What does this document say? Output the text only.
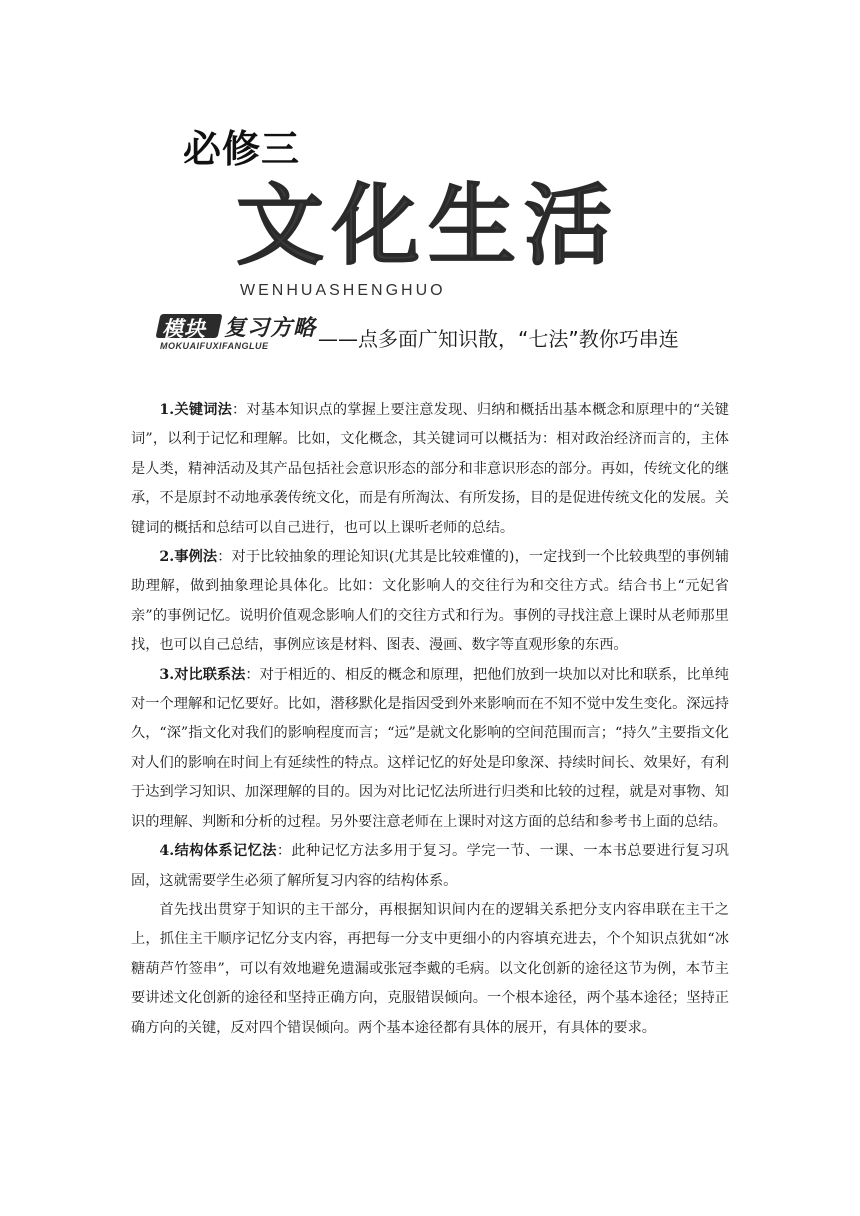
必修三
文化生活
WENHUASHENGHUO
模块 复习方略
MOKUAIFUXIFANGLUE ——点多面广知识散，“七法”教你巧串连

1.关键词法：对基本知识点的掌握上要注意发现、归纳和概括出基本概念和原理中的“关键词”，以利于记忆和理解。比如，文化概念，其关键词可以概括为：相对政治经济而言的，主体是人类，精神活动及其产品包括社会意识形态的部分和非意识形态的部分。再如，传统文化的继承，不是原封不动地承袭传统文化，而是有所淘汰、有所发扬，目的是促进传统文化的发展。关键词的概括和总结可以自己进行，也可以上课听老师的总结。

2.事例法：对于比较抽象的理论知识(尤其是比较难懂的)，一定找到一个比较典型的事例辅助理解，做到抽象理论具体化。比如：文化影响人的交往行为和交往方式。结合书上“元妃省亲”的事例记忆。说明价值观念影响人们的交往方式和行为。事例的寻找注意上课时从老师那里找，也可以自己总结，事例应该是材料、图表、漫画、数字等直观形象的东西。

3.对比联系法：对于相近的、相反的概念和原理，把他们放到一块加以对比和联系，比单纯对一个理解和记忆要好。比如，潜移默化是指因受到外来影响而在不知不觉中发生变化。深远持久，“深”指文化对我们的影响程度而言；“远”是就文化影响的空间范围而言；“持久”主要指文化对人们的影响在时间上有延续性的特点。这样记忆的好处是印象深、持续时间长、效果好，有利于达到学习知识、加深理解的目的。因为对比记忆法所进行归类和比较的过程，就是对事物、知识的理解、判断和分析的过程。另外要注意老师在上课时对这方面的总结和参考书上面的总结。

4.结构体系记忆法：此种记忆方法多用于复习。学完一节、一课、一本书总要进行复习巩固，这就需要学生必须了解所复习内容的结构体系。

首先找出贯穿于知识的主干部分，再根据知识间内在的逻辑关系把分支内容串联在主干之上，抓住主干顺序记忆分支内容，再把每一分支中更细小的内容填充进去，个个知识点犹如“冰糖葫芦竹签串”，可以有效地避免遗漏或张冠李戴的毛病。以文化创新的途径这节为例，本节主要讲述文化创新的途径和坚持正确方向，克服错误倾向。一个根本途径，两个基本途径；坚持正确方向的关键，反对四个错误倾向。两个基本途径都有具体的展开，有具体的要求。
